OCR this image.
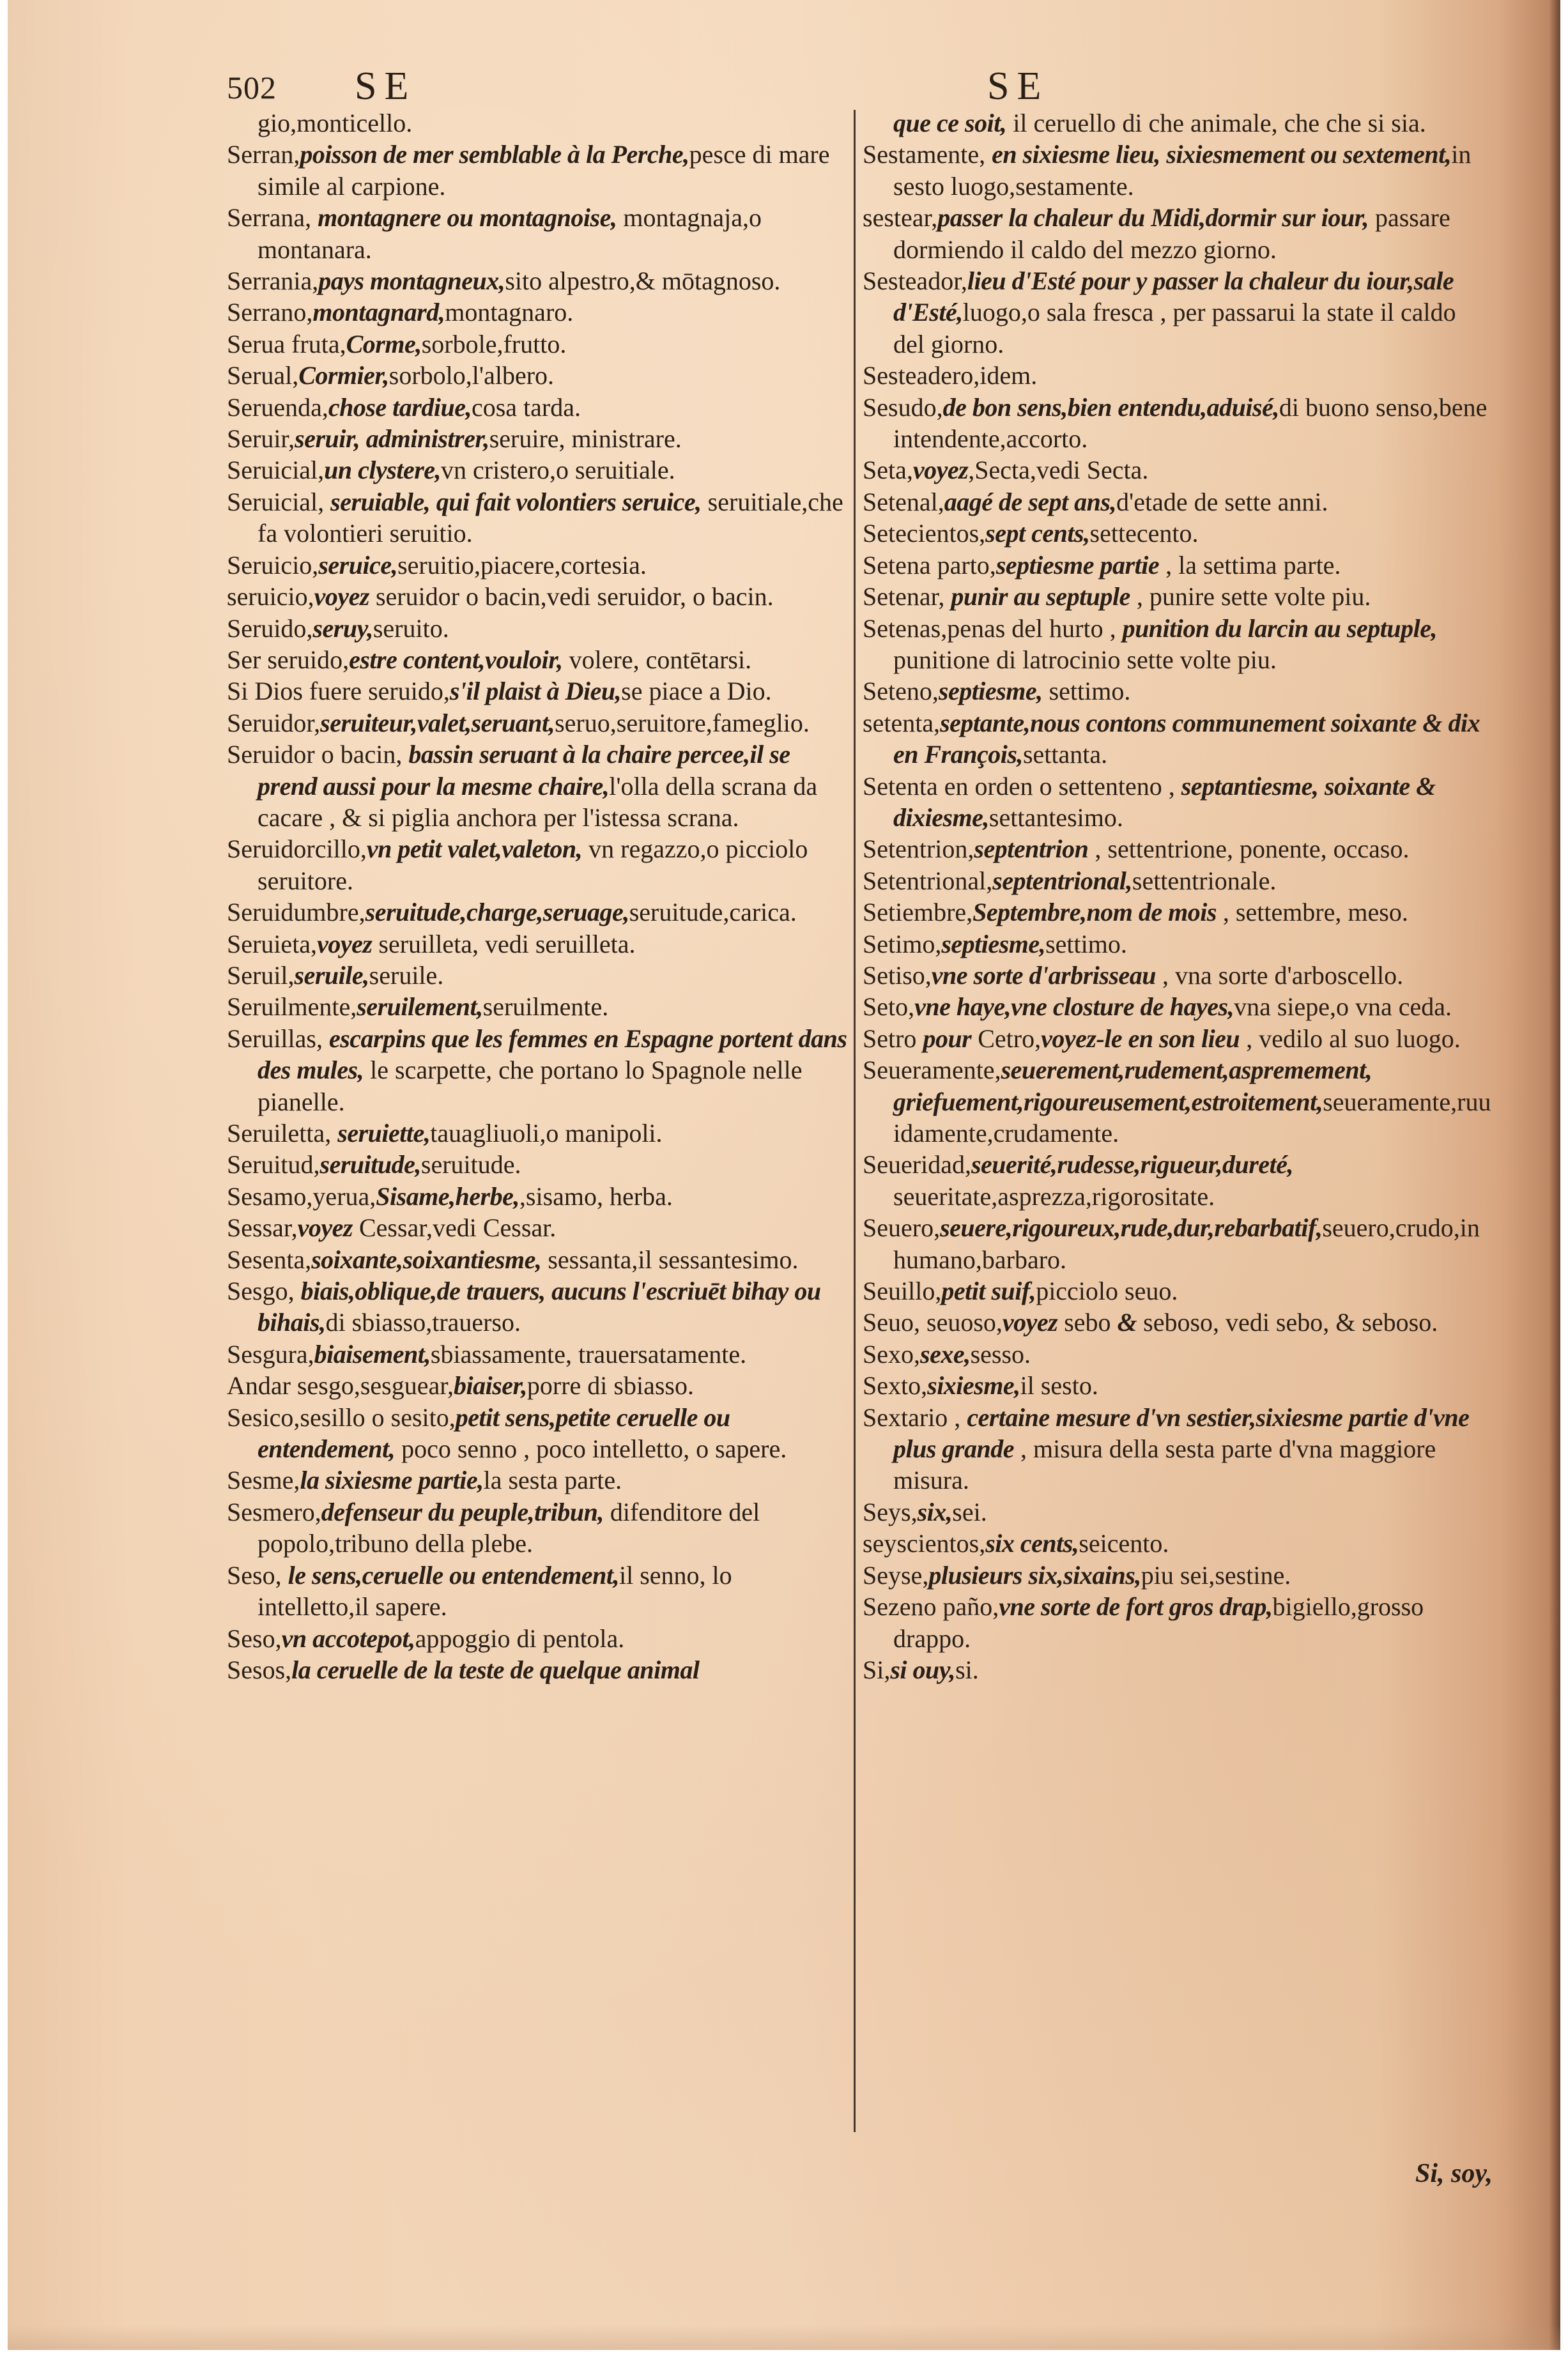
502 SE	SE

gio,monticello.

Serran,poisson de mer semblable à la Perche,pesce di mare simile al carpione.

Serrana, montagnere ou montagnoise, montagnaja,o montanara.

Serrania,pays montagneux,sito alpestro,& mōtagnoso.

Serrano,montagnard,montagnaro.

Serua fruta,Corme,sorbole,frutto.

Serual,Cormier,sorbolo,l'albero.

Seruenda,chose tardiue,cosa tarda.

Seruir,seruir, administrer,seruire, ministrare.

Seruicial,un clystere,vn cristero,o seruitiale.

Seruicial, seruiable, qui fait volontiers seruice, seruitiale,che fa volontieri seruitio.

Seruicio,seruice,seruitio,piacere,cortesia.

seruicio,voyez seruidor o bacin,vedi seruidor, o bacin.

Seruido,seruy,seruito.

Ser seruido,estre content,vouloir, volere, contētarsi.

Si Dios fuere seruido,s'il plaist à Dieu,se piace a Dio.

Seruidor,seruiteur,valet,seruant,seruo,seruitore,fameglio.

Seruidor o bacin, bassin seruant à la chaire percee,il se prend aussi pour la mesme chaire,l'olla della scrana da cacare , & si piglia anchora per l'istessa scrana.

Seruidorcillo,vn petit valet,valeton, vn regazzo,o picciolo seruitore.

Seruidumbre,seruitude,charge,seruage,seruitude,carica.

Seruieta,voyez seruilleta, vedi seruilleta.

Seruil,seruile,seruile.

Seruilmente,seruilement,seruilmente.

Seruillas, escarpins que les femmes en Espagne portent dans des mules, le scarpette, che portano lo Spagnole nelle pianelle.

Seruiletta, seruiette,tauagliuoli,o manipoli.

Seruitud,seruitude,seruitude.

Sesamo,yerua,Sisame,herbe,,sisamo, herba.

Sessar,voyez Cessar,vedi Cessar.

Sesenta,soixante,soixantiesme, sessanta,il sessantesimo.

Sesgo, biais,oblique,de trauers, aucuns l'escriuēt bihay ou bihais,di sbiasso,trauerso.

Sesgura,biaisement,sbiassamente, trauersatamente.

Andar sesgo,sesguear,biaiser,porre di sbiasso.

Sesico,sesillo o sesito,petit sens,petite ceruelle ou entendement, poco senno , poco intelletto, o sapere.

Sesme,la sixiesme partie,la sesta parte.

Sesmero,defenseur du peuple,tribun, difenditore del popolo,tribuno della plebe.

Seso, le sens,ceruelle ou entendement,il senno, lo intelletto,il sapere.

Seso,vn accotepot,appoggio di pentola.

Sesos,la ceruelle de la teste de quelque animal

que ce soit, il ceruello di che animale, che che si sia.

Sestamente, en sixiesme lieu, sixiesmement ou sextement,in sesto luogo,sestamente.

sestear,passer la chaleur du Midi,dormir sur iour, passare dormiendo il caldo del mezzo giorno.

Sesteador,lieu d'Esté pour y passer la chaleur du iour,sale d'Esté,luogo,o sala fresca , per passarui la state il caldo del giorno.

Sesteadero,idem.

Sesudo,de bon sens,bien entendu,aduisé,di buono senso,bene intendente,accorto.

Seta,voyez,Secta,vedi Secta.

Setenal,aagé de sept ans,d'etade de sette anni.

Setecientos,sept cents,settecento.

Setena parto,septiesme partie , la settima parte.

Setenar, punir au septuple , punire sette volte piu.

Setenas,penas del hurto , punition du larcin au septuple, punitione di latrocinio sette volte piu.

Seteno,septiesme, settimo.

setenta,septante,nous contons communement soixante & dix en François,settanta.

Setenta en orden o settenteno , septantiesme, soixante & dixiesme,settantesimo.

Setentrion,septentrion , settentrione, ponente, occaso.

Setentrional,septentrional,settentrionale.

Setiembre,Septembre,nom de mois , settembre, meso.

Setimo,septiesme,settimo.

Setiso,vne sorte d'arbrisseau , vna sorte d'arboscello.

Seto,vne haye,vne closture de hayes,vna siepe,o vna ceda.

Setro pour Cetro,voyez-le en son lieu , vedilo al suo luogo.

Seueramente,seuerement,rudement,aspremement, griefuement,rigoureusement,estroitement,seueramente,ruuidamente,crudamente.

Seueridad,seuerité,rudesse,rigueur,dureté, seueritate,asprezza,rigorositate.

Seuero,seuere,rigoureux,rude,dur,rebarbatif,seuero,crudo,inhumano,barbaro.

Seuillo,petit suif,picciolo seuo.

Seuo, seuoso,voyez sebo & seboso, vedi sebo, & seboso.

Sexo,sexe,sesso.

Sexto,sixiesme,il sesto.

Sextario , certaine mesure d'vn sestier,sixiesme partie d'vne plus grande , misura della sesta parte d'vna maggiore misura.

Seys,six,sei.

seyscientos,six cents,seicento.

Seyse,plusieurs six,sixains,piu sei,sestine.

Sezeno paño,vne sorte de fort gros drap,bigiello,grosso drappo.

Si,si ouy,si.

Si, soy,
